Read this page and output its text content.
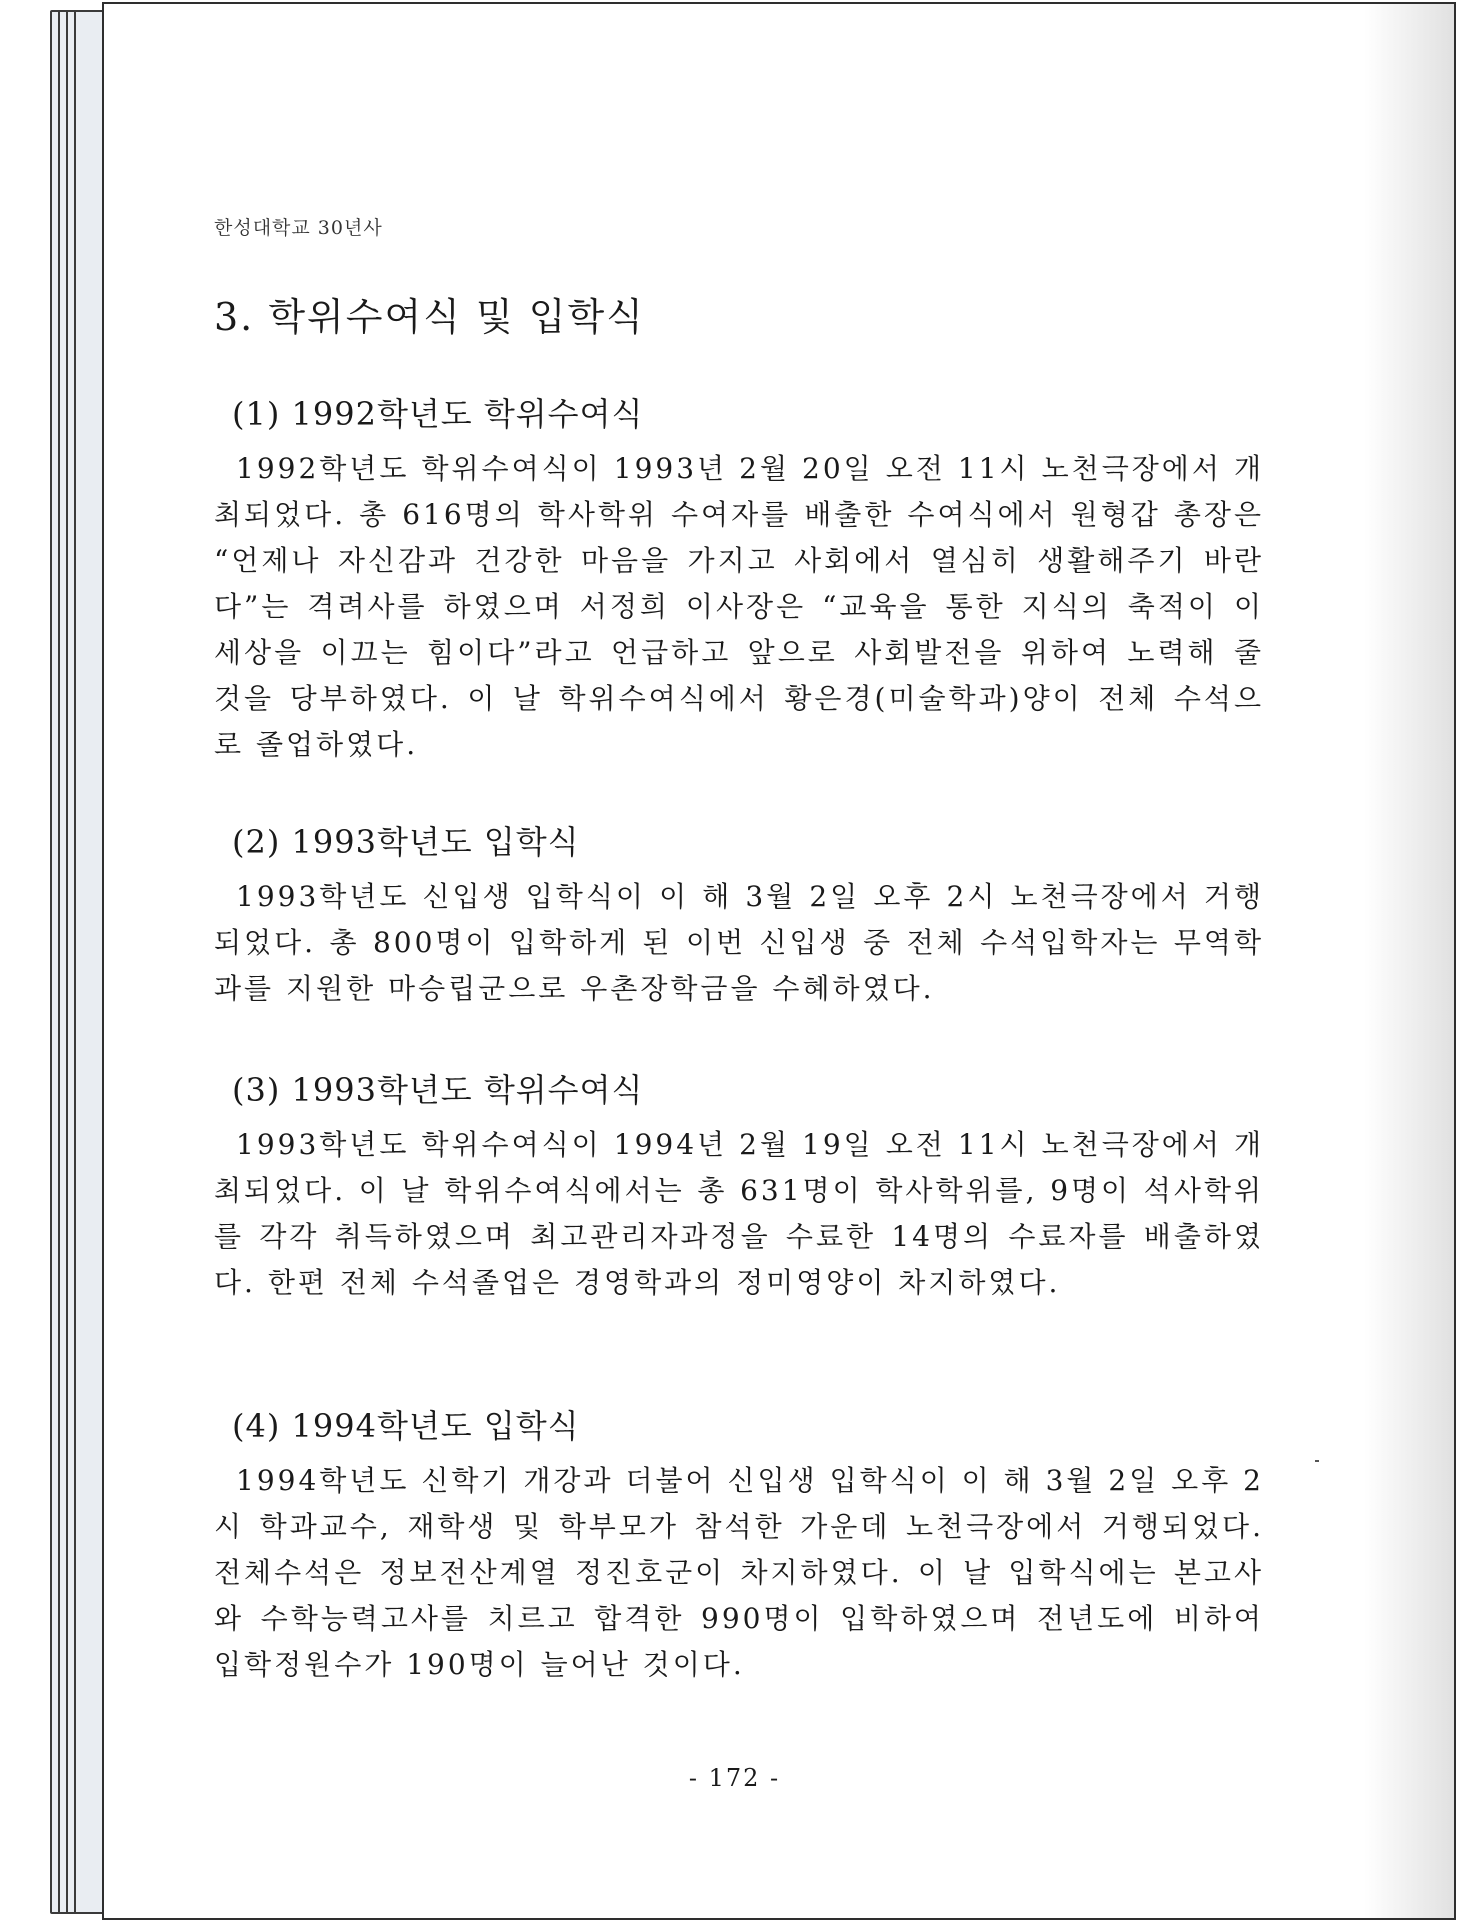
한성대학교 30년사
3. 학위수여식 및 입학식
(1) 1992학년도 학위수여식

1992학년도 학위수여식이 1993년 2월 20일 오전 11시 노천극장에서 개최되었다. 총 616명의 학사학위 수여자를 배출한 수여식에서 원형갑 총장은 “언제나 자신감과 건강한 마음을 가지고 사회에서 열심히 생활해주기 바란다”는 격려사를 하였으며 서정희 이사장은 “교육을 통한 지식의 축적이 이 세상을 이끄는 힘이다”라고 언급하고 앞으로 사회발전을 위하여 노력해 줄 것을 당부하였다. 이 날 학위수여식에서 황은경(미술학과)양이 전체 수석으로 졸업하였다.

(2) 1993학년도 입학식

1993학년도 신입생 입학식이 이 해 3월 2일 오후 2시 노천극장에서 거행되었다. 총 800명이 입학하게 된 이번 신입생 중 전체 수석입학자는 무역학과를 지원한 마승립군으로 우촌장학금을 수혜하였다.

(3) 1993학년도 학위수여식

1993학년도 학위수여식이 1994년 2월 19일 오전 11시 노천극장에서 개최되었다. 이 날 학위수여식에서는 총 631명이 학사학위를, 9명이 석사학위를 각각 취득하였으며 최고관리자과정을 수료한 14명의 수료자를 배출하였다. 한편 전체 수석졸업은 경영학과의 정미영양이 차지하였다.

(4) 1994학년도 입학식

1994학년도 신학기 개강과 더불어 신입생 입학식이 이 해 3월 2일 오후 2시 학과교수, 재학생 및 학부모가 참석한 가운데 노천극장에서 거행되었다. 전체수석은 정보전산계열 정진호군이 차지하였다. 이 날 입학식에는 본고사와 수학능력고사를 치르고 합격한 990명이 입학하였으며 전년도에 비하여 입학정원수가 190명이 늘어난 것이다.

- 172 -
